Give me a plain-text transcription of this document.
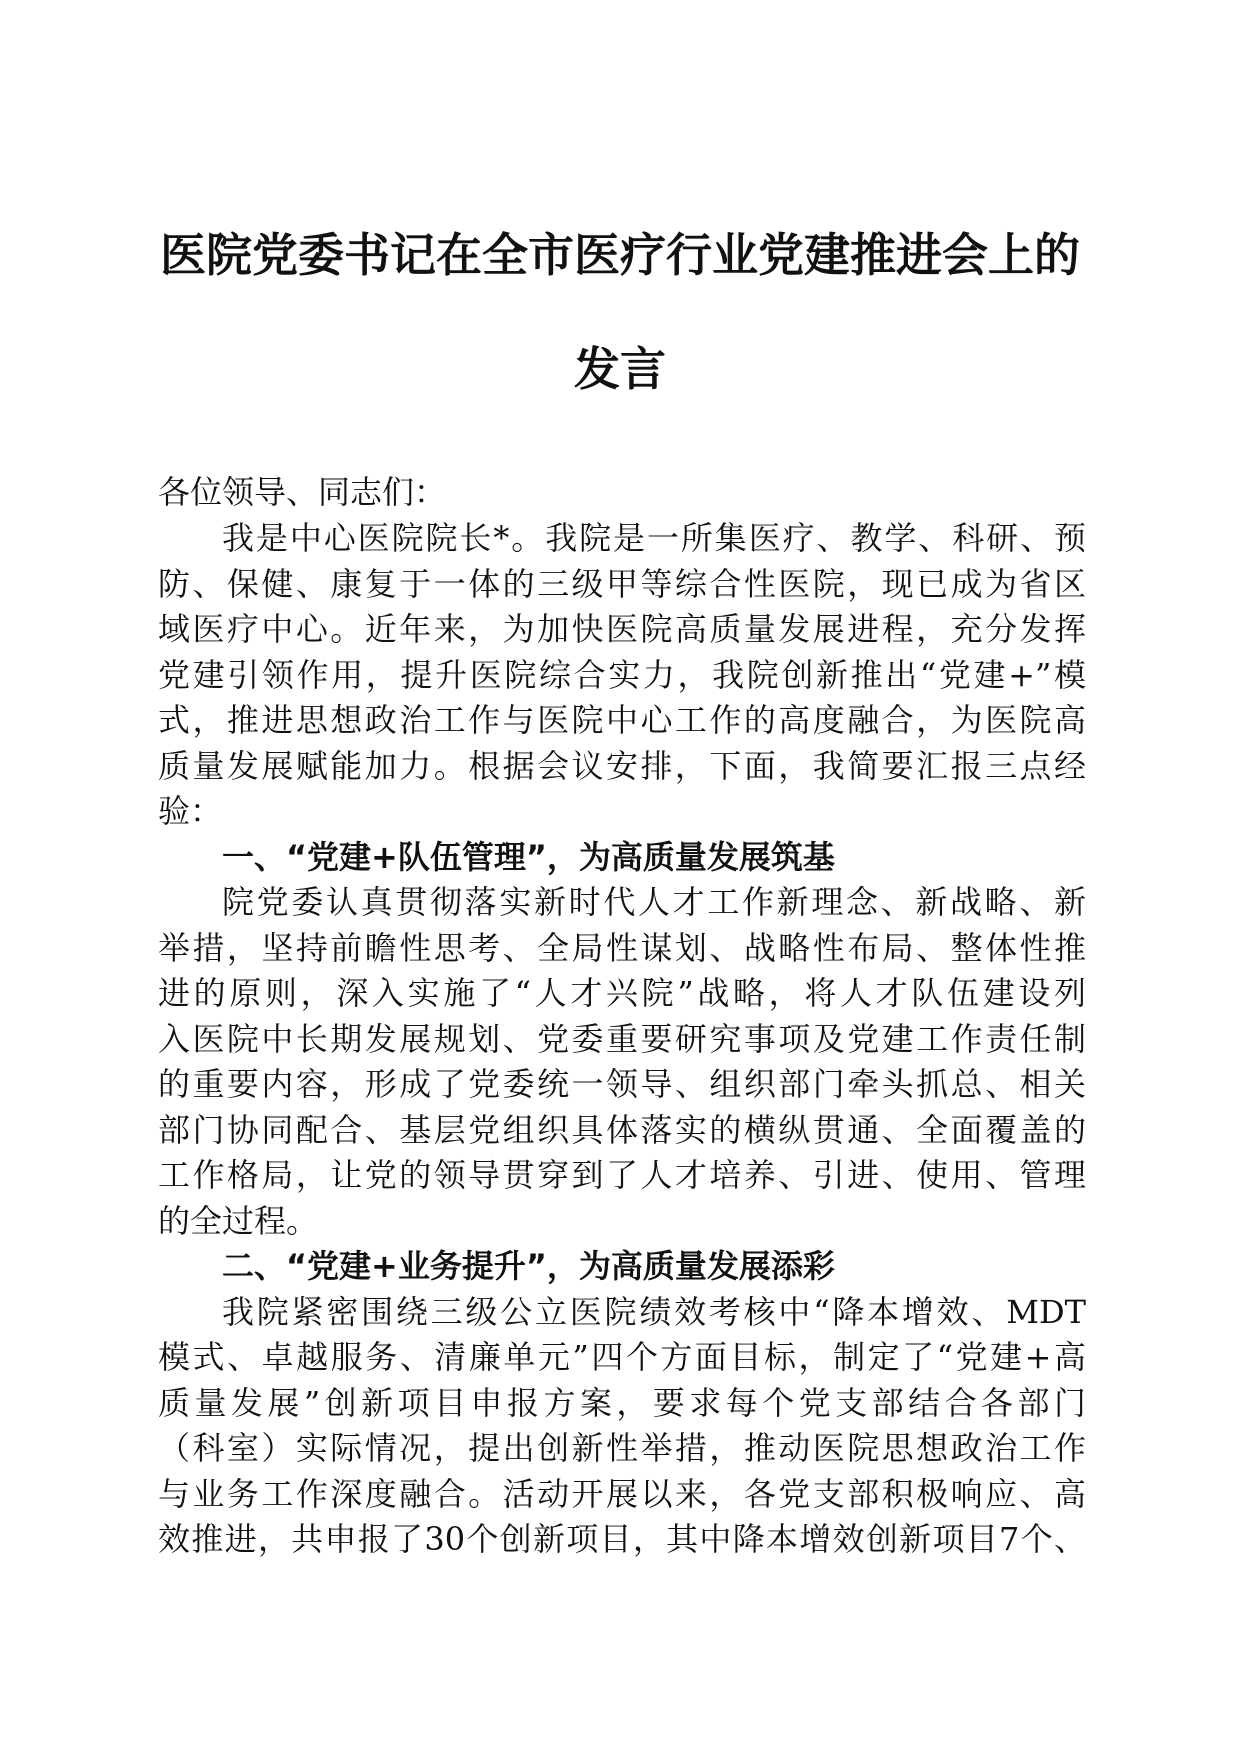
医院党委书记在全市医疗行业党建推进会上的
发言
各位领导、同志们：
我是中心医院院长*。我院是一所集医疗、教学、科研、预
防、保健、康复于一体的三级甲等综合性医院，现已成为省区
域医疗中心。近年来，为加快医院高质量发展进程，充分发挥
党建引领作用，提升医院综合实力，我院创新推出“党建+”模
式，推进思想政治工作与医院中心工作的高度融合，为医院高
质量发展赋能加力。根据会议安排，下面，我简要汇报三点经
验：
一、“党建+队伍管理”，为高质量发展筑基
院党委认真贯彻落实新时代人才工作新理念、新战略、新
举措，坚持前瞻性思考、全局性谋划、战略性布局、整体性推
进的原则，深入实施了“人才兴院”战略，将人才队伍建设列
入医院中长期发展规划、党委重要研究事项及党建工作责任制
的重要内容，形成了党委统一领导、组织部门牵头抓总、相关
部门协同配合、基层党组织具体落实的横纵贯通、全面覆盖的
工作格局，让党的领导贯穿到了人才培养、引进、使用、管理
的全过程。
二、“党建+业务提升”，为高质量发展添彩
我院紧密围绕三级公立医院绩效考核中“降本增效、MDT
模式、卓越服务、清廉单元”四个方面目标，制定了“党建+高
质量发展”创新项目申报方案，要求每个党支部结合各部门
（科室）实际情况，提出创新性举措，推动医院思想政治工作
与业务工作深度融合。活动开展以来，各党支部积极响应、高
效推进，共申报了30个创新项目，其中降本增效创新项目7个、
